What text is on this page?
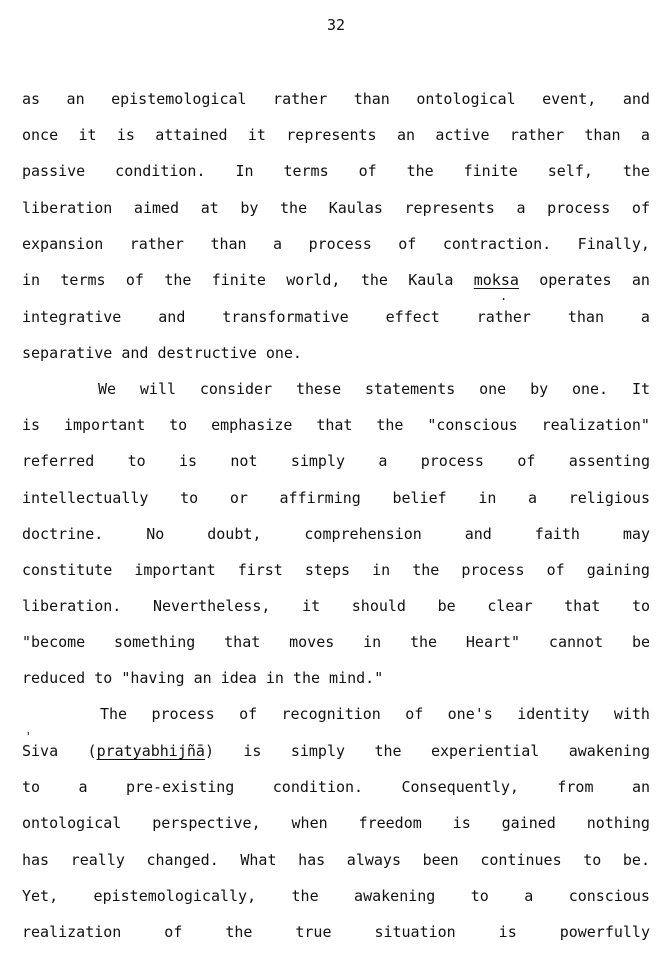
32
as an epistemological rather than ontological event, and
once it is attained it represents an active rather than a
passive condition. In terms of the finite self, the
liberation aimed at by the Kaulas represents a process of
expansion rather than a process of contraction. Finally,
in terms of the finite world, the Kaula moksa operates an
integrative and transformative effect rather than a
separative and destructive one.
We will consider these statements one by one. It
is important to emphasize that the "conscious realization"
referred to is not simply a process of assenting
intellectually to or affirming belief in a religious
doctrine.	No	doubt,	comprehension	and	faith	may
constitute important first steps in the process of gaining
liberation. Nevertheless, it should be clear that to
"become something that moves in the Heart" cannot be
reduced to "having an idea in the mind."
The process of recognition of one's identity with
Siva (pratyabhijñā) is simply the experiential awakening
to	a	pre-existing	condition.	Consequently,	from	an
ontological perspective, when freedom is gained nothing
has really changed. What has always been continues to be.
Yet, epistemologically, the awakening to a conscious
realization	of	the	true	situation	is	powerfully
'
.
